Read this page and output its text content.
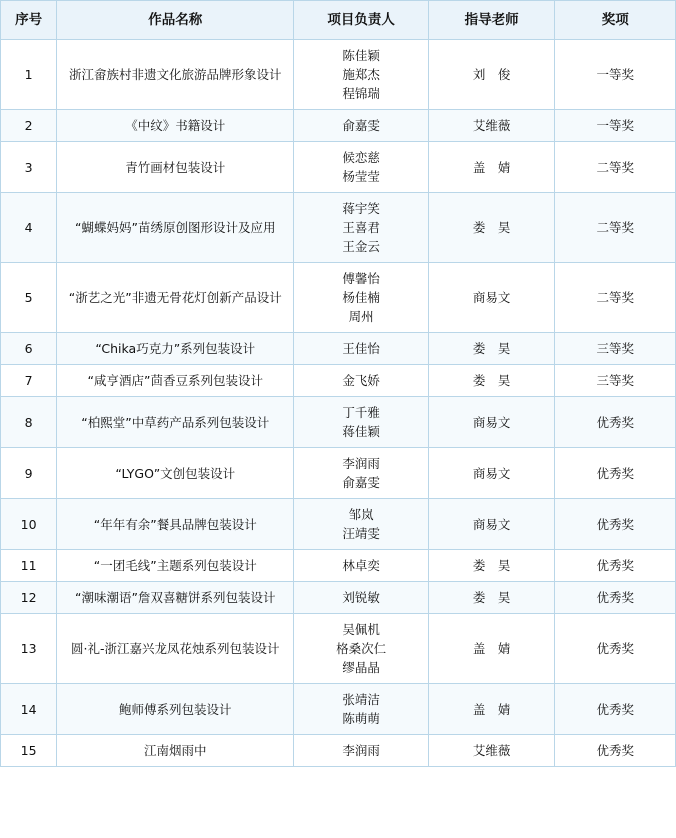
序号	作品名称	项目负责人	指导老师	奖项
1	浙江畲族村非遗文化旅游品牌形象设计	陈佳颖
施郑杰
程锦瑞	刘　俊	一等奖
2	《中纹》书籍设计	俞嘉雯	艾维薇	一等奖
3	青竹画材包装设计	候恋慈
杨莹莹	盖　婧	二等奖
4	“蝴蝶妈妈”苗绣原创图形设计及应用	蒋宇笑
王喜君
王金云	娄　昊	二等奖
5	“浙艺之光”非遗无骨花灯创新产品设计	傅馨怡
杨佳楠
周州	商易文	二等奖
6	“Chika巧克力”系列包装设计	王佳怡	娄　昊	三等奖
7	“咸亨酒店”茴香豆系列包装设计	金飞娇	娄　昊	三等奖
8	“柏熙堂”中草药产品系列包装设计	丁千雅
蒋佳颖	商易文	优秀奖
9	“LYGO”文创包装设计	李润雨
俞嘉雯	商易文	优秀奖
10	“年年有余”餐具品牌包装设计	邹岚
汪靖雯	商易文	优秀奖
11	“一团毛线”主题系列包装设计	林卓奕	娄　昊	优秀奖
12	“潮味潮语”詹双喜糖饼系列包装设计	刘锐敏	娄　昊	优秀奖
13	圆·礼-浙江嘉兴龙凤花烛系列包装设计	吴佩机
格桑次仁
缪晶晶	盖　婧	优秀奖
14	鲍师傅系列包装设计	张靖洁
陈萌萌	盖　婧	优秀奖
15	江南烟雨中	李润雨	艾维薇	优秀奖
